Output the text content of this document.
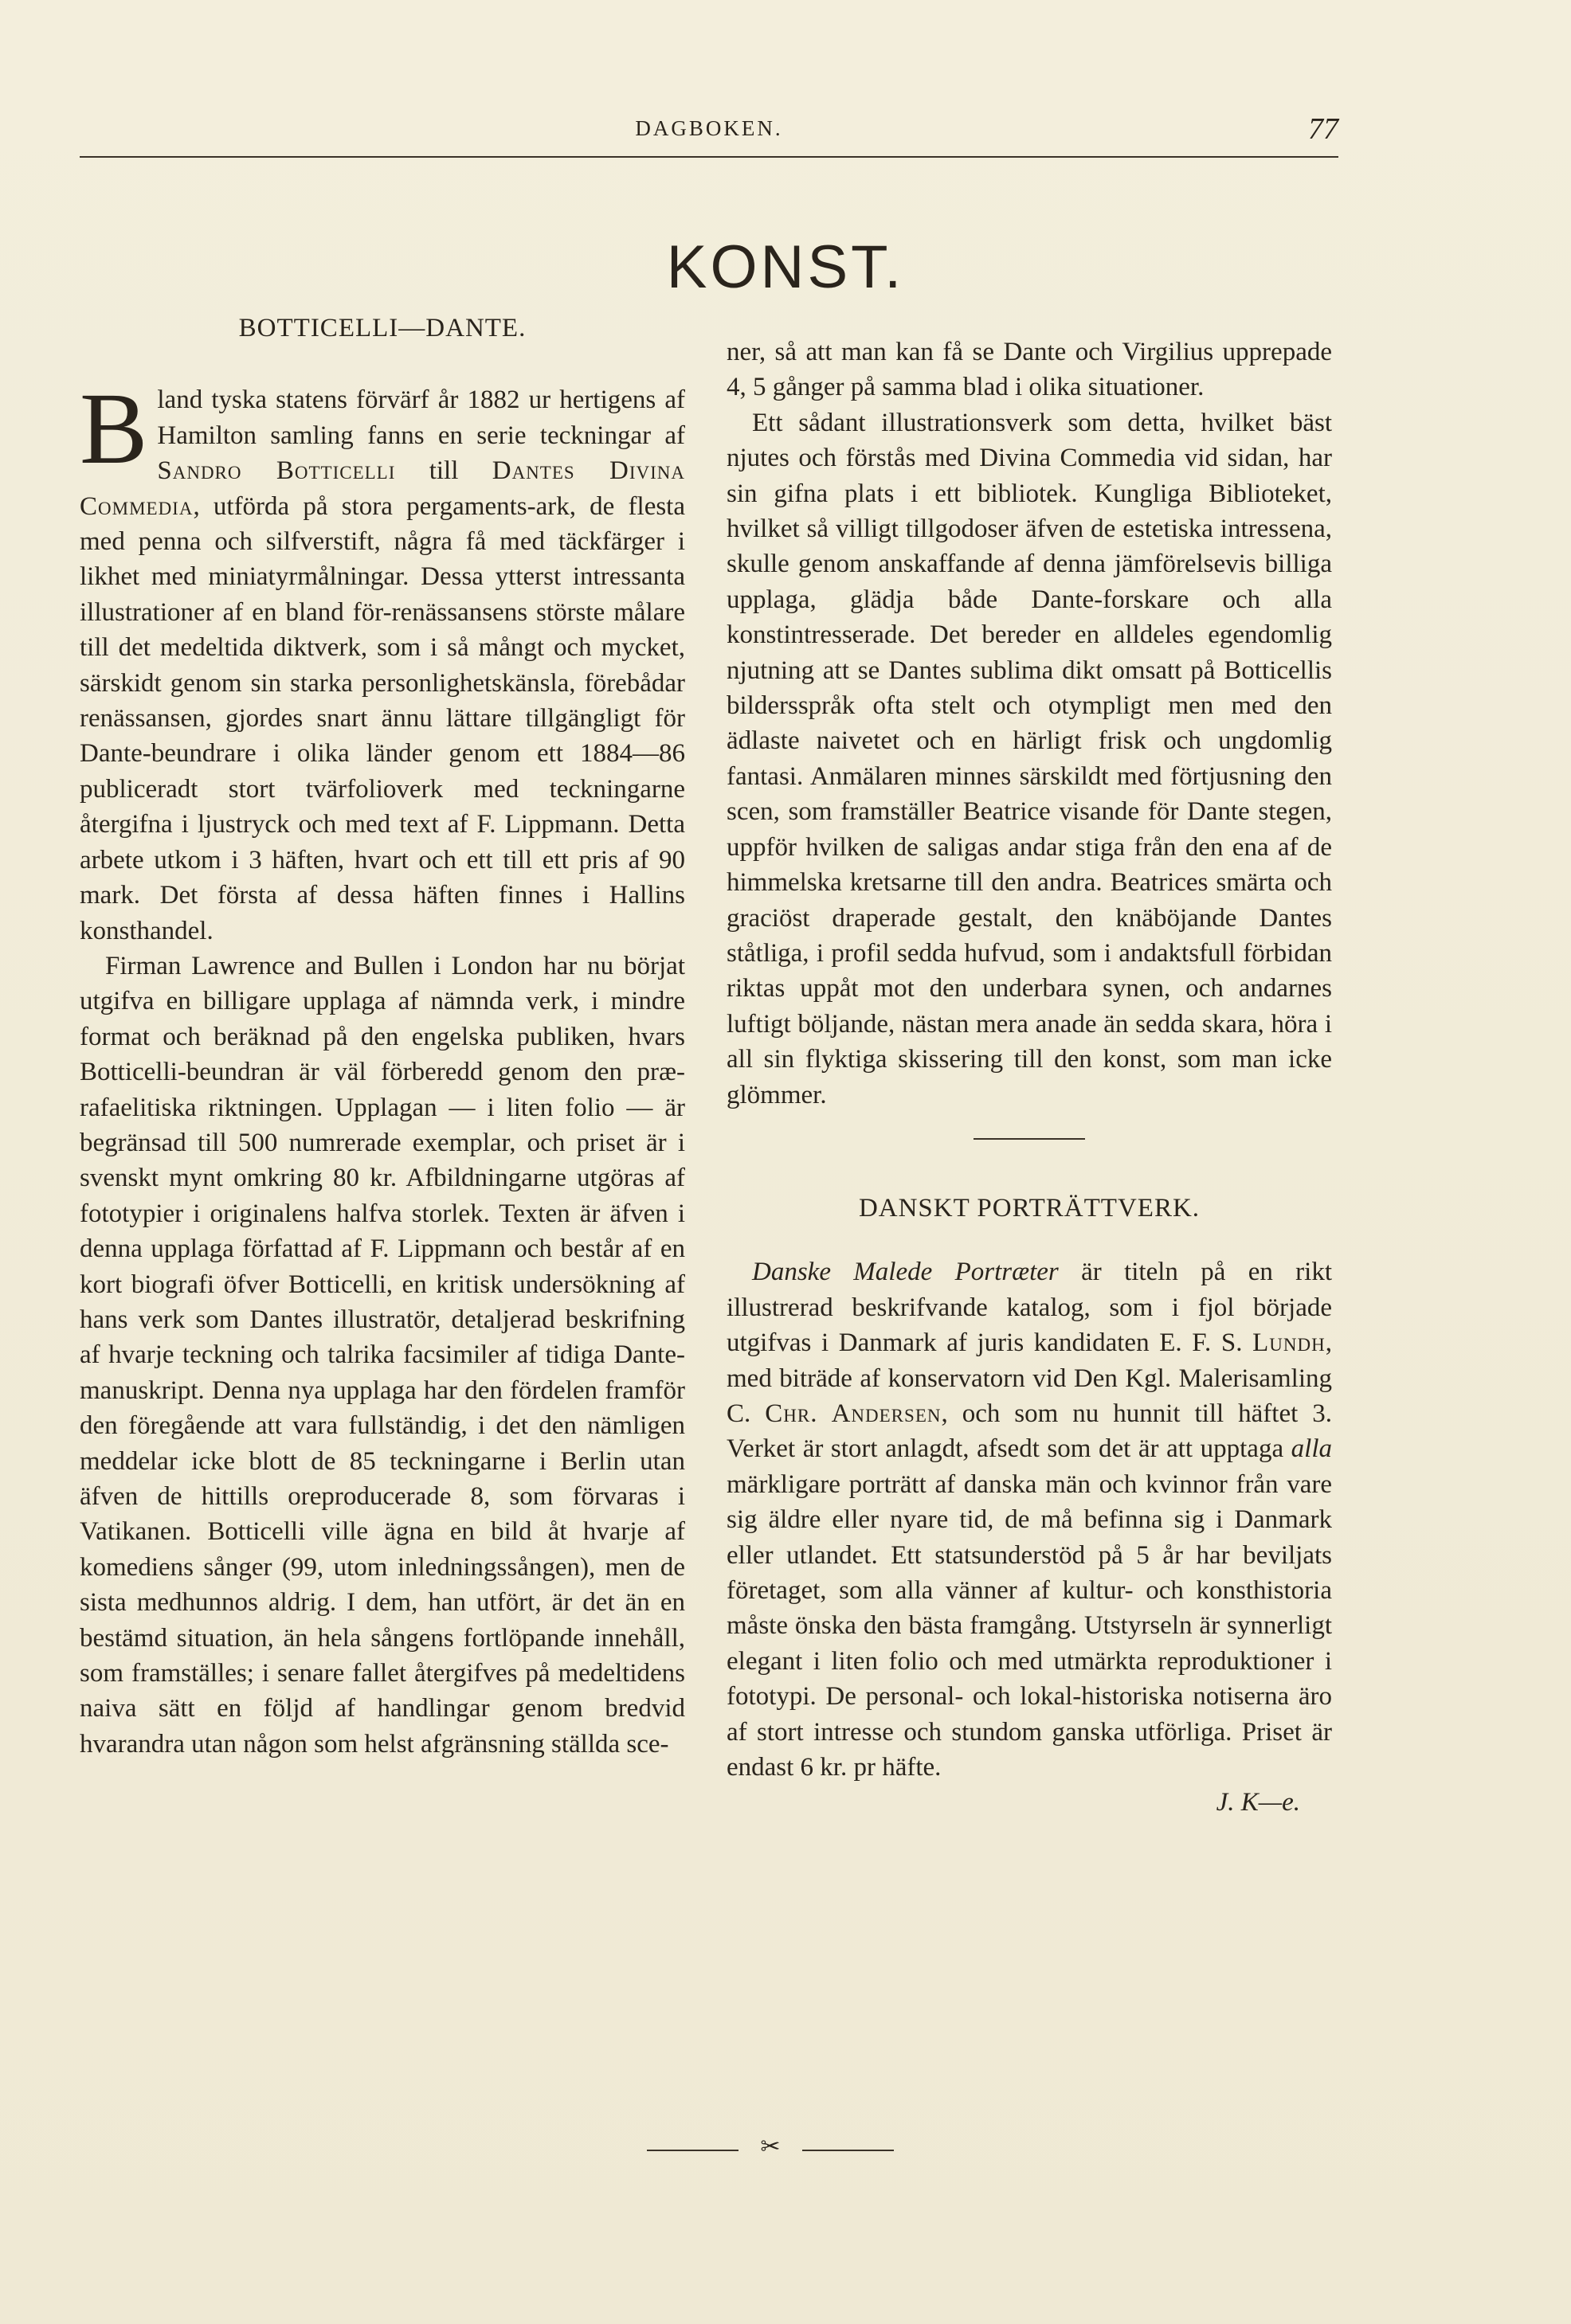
DAGBOKEN.	77
KONST.
BOTTICELLI—DANTE.

Bland tyska statens förvärf år 1882 ur hertigens af Hamilton samling fanns en serie teckningar af Sandro Botticelli till Dantes Divina Commedia, utförda på stora pergaments-ark, de flesta med penna och silfverstift, några få med täckfärger i likhet med miniatyrmålningar. Dessa ytterst intressanta illustrationer af en bland för-renässansens störste målare till det medeltida diktverk, som i så mångt och mycket, särskidt genom sin starka personlighetskänsla, förebådar renässansen, gjordes snart ännu lättare tillgängligt för Dante-beundrare i olika länder genom ett 1884—86 publiceradt stort tvärfolioverk med teckningarne återgifna i ljustryck och med text af F. Lippmann. Detta arbete utkom i 3 häften, hvart och ett till ett pris af 90 mark. Det första af dessa häften finnes i Hallins konsthandel.

Firman Lawrence and Bullen i London har nu börjat utgifva en billigare upplaga af nämnda verk, i mindre format och beräknad på den engelska publiken, hvars Botticelli-beundran är väl förberedd genom den præ-rafaelitiska riktningen. Upplagan — i liten folio — är begränsad till 500 numrerade exemplar, och priset är i svenskt mynt omkring 80 kr. Afbildningarne utgöras af fototypier i originalens halfva storlek. Texten är äfven i denna upplaga författad af F. Lippmann och består af en kort biografi öfver Botticelli, en kritisk undersökning af hans verk som Dantes illustratör, detaljerad beskrifning af hvarje teckning och talrika facsimiler af tidiga Dante-manuskript. Denna nya upplaga har den fördelen framför den föregående att vara fullständig, i det den nämligen meddelar icke blott de 85 teckningarne i Berlin utan äfven de hittills oreproducerade 8, som förvaras i Vatikanen. Botticelli ville ägna en bild åt hvarje af komediens sånger (99, utom inledningssången), men de sista medhunnos aldrig. I dem, han utfört, är det än en bestämd situation, än hela sångens fortlöpande innehåll, som framställes; i senare fallet återgifves på medeltidens naiva sätt en följd af handlingar genom bredvid hvarandra utan någon som helst afgränsning ställda sce-

ner, så att man kan få se Dante och Virgilius upprepade 4, 5 gånger på samma blad i olika situationer.

Ett sådant illustrationsverk som detta, hvilket bäst njutes och förstås med Divina Commedia vid sidan, har sin gifna plats i ett bibliotek. Kungliga Biblioteket, hvilket så villigt tillgodoser äfven de estetiska intressena, skulle genom anskaffande af denna jämförelsevis billiga upplaga, glädja både Dante-forskare och alla konstintresserade. Det bereder en alldeles egendomlig njutning att se Dantes sublima dikt omsatt på Botticellis bildersspråk ofta stelt och otympligt men med den ädlaste naivetet och en härligt frisk och ungdomlig fantasi. Anmälaren minnes särskildt med förtjusning den scen, som framställer Beatrice visande för Dante stegen, uppför hvilken de saligas andar stiga från den ena af de himmelska kretsarne till den andra. Beatrices smärta och graciöst draperade gestalt, den knäböjande Dantes ståtliga, i profil sedda hufvud, som i andaktsfull förbidan riktas uppåt mot den underbara synen, och andarnes luftigt böljande, nästan mera anade än sedda skara, höra i all sin flyktiga skissering till den konst, som man icke glömmer.

DANSKT PORTRÄTTVERK.

Danske Malede Portræter är titeln på en rikt illustrerad beskrifvande katalog, som i fjol började utgifvas i Danmark af juris kandidaten E. F. S. Lundh, med biträde af konservatorn vid Den Kgl. Malerisamling C. Chr. Andersen, och som nu hunnit till häftet 3. Verket är stort anlagdt, afsedt som det är att upptaga alla märkligare porträtt af danska män och kvinnor från vare sig äldre eller nyare tid, de må befinna sig i Danmark eller utlandet. Ett statsunderstöd på 5 år har beviljats företaget, som alla vänner af kultur- och konsthistoria måste önska den bästa framgång. Utstyrseln är synnerligt elegant i liten folio och med utmärkta reproduktioner i fototypi. De personal- och lokal-historiska notiserna äro af stort intresse och stundom ganska utförliga. Priset är endast 6 kr. pr häfte.

J. K—e.
✂
